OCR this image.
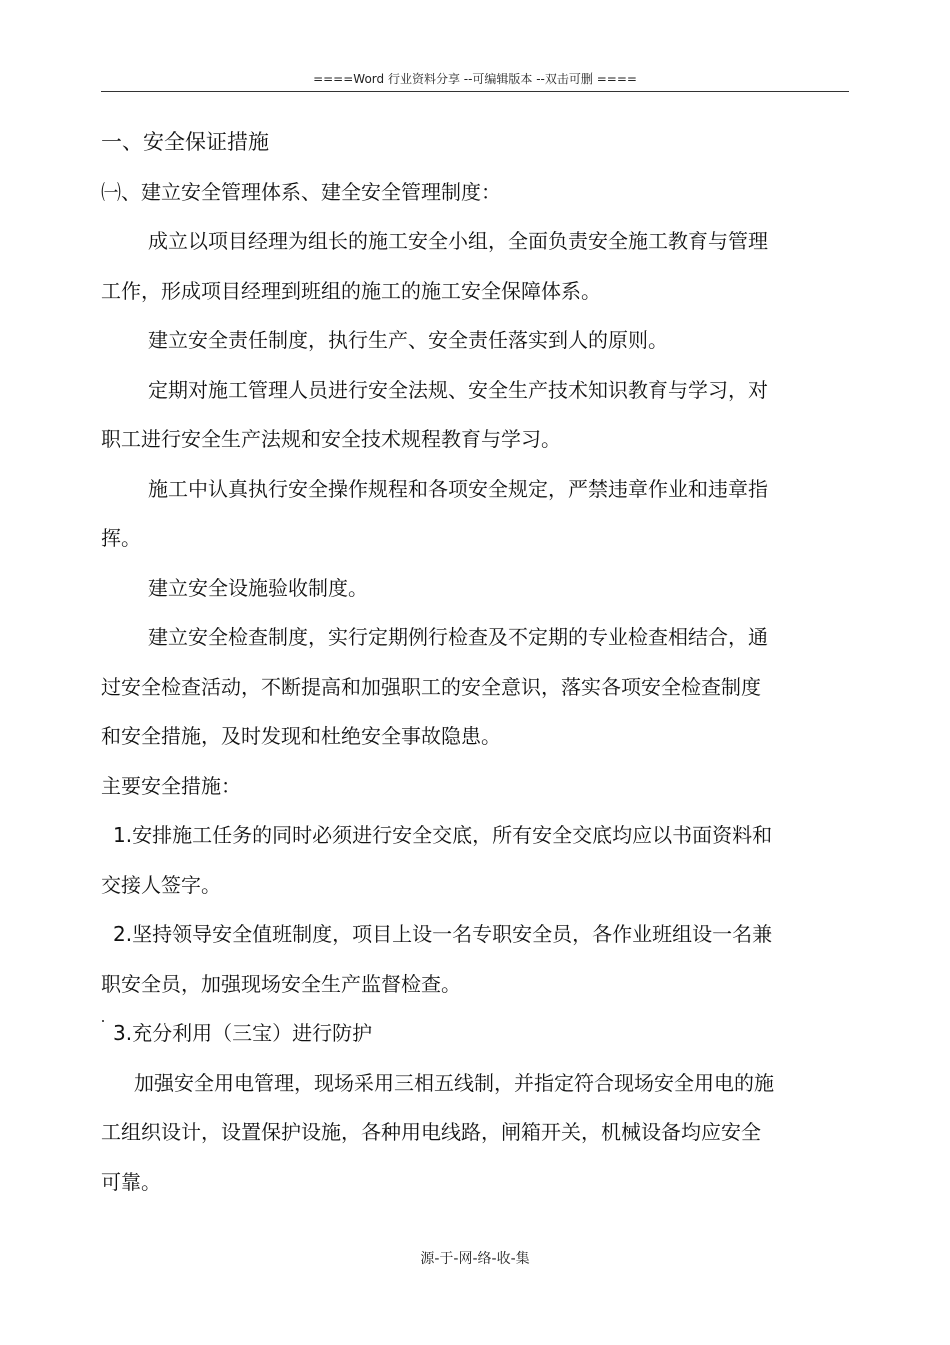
====Word 行业资料分享 --可编辑版本 --双击可删 ====
一、安全保证措施
㈠、建立安全管理体系、建全安全管理制度：
成立以项目经理为组长的施工安全小组，全面负责安全施工教育与管理
工作，形成项目经理到班组的施工的施工安全保障体系。
建立安全责任制度，执行生产、安全责任落实到人的原则。
定期对施工管理人员进行安全法规、安全生产技术知识教育与学习，对
职工进行安全生产法规和安全技术规程教育与学习。
施工中认真执行安全操作规程和各项安全规定，严禁违章作业和违章指
挥。
建立安全设施验收制度。
建立安全检查制度，实行定期例行检查及不定期的专业检查相结合，通
过安全检查活动，不断提高和加强职工的安全意识，落实各项安全检查制度
和安全措施，及时发现和杜绝安全事故隐患。
主要安全措施：
1.安排施工任务的同时必须进行安全交底，所有安全交底均应以书面资料和
交接人签字。
2.坚持领导安全值班制度，项目上设一名专职安全员，各作业班组设一名兼
职安全员，加强现场安全生产监督检查。
3.充分利用（三宝）进行防护
加强安全用电管理，现场采用三相五线制，并指定符合现场安全用电的施
工组织设计，设置保护设施，各种用电线路，闸箱开关，机械设备均应安全
可靠。
源-于-网-络-收-集
